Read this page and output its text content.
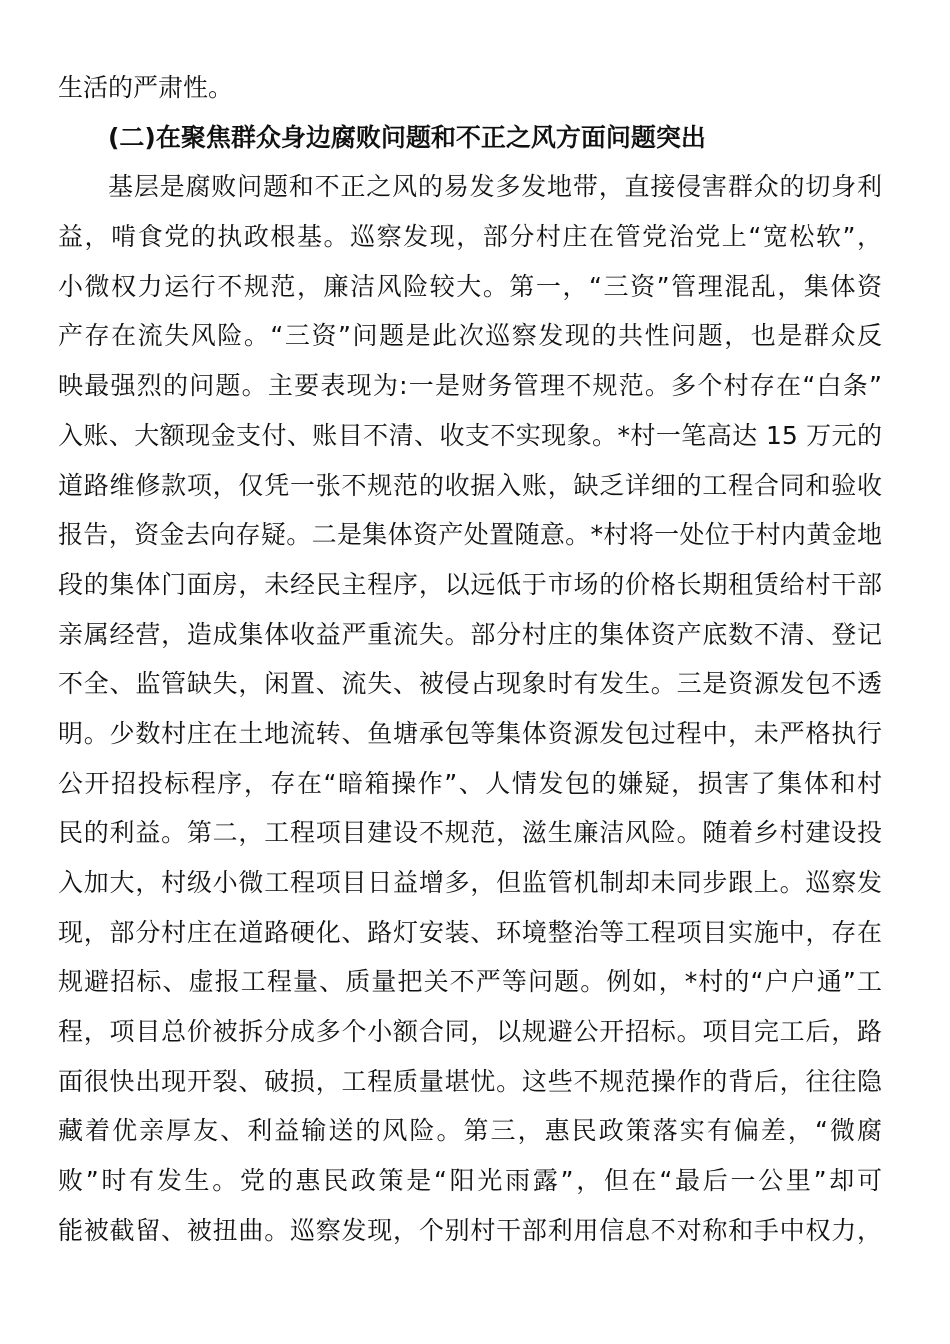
生活的严肃性。
(二)在聚焦群众身边腐败问题和不正之风方面问题突出
基层是腐败问题和不正之风的易发多发地带，直接侵害群众的切身利
益，啃食党的执政根基。巡察发现，部分村庄在管党治党上“宽松软”，
小微权力运行不规范，廉洁风险较大。第一，“三资”管理混乱，集体资
产存在流失风险。“三资”问题是此次巡察发现的共性问题，也是群众反
映最强烈的问题。主要表现为:一是财务管理不规范。多个村存在“白条”
入账、大额现金支付、账目不清、收支不实现象。*村一笔高达 15 万元的
道路维修款项，仅凭一张不规范的收据入账，缺乏详细的工程合同和验收
报告，资金去向存疑。二是集体资产处置随意。*村将一处位于村内黄金地
段的集体门面房，未经民主程序，以远低于市场的价格长期租赁给村干部
亲属经营，造成集体收益严重流失。部分村庄的集体资产底数不清、登记
不全、监管缺失，闲置、流失、被侵占现象时有发生。三是资源发包不透
明。少数村庄在土地流转、鱼塘承包等集体资源发包过程中，未严格执行
公开招投标程序，存在“暗箱操作”、人情发包的嫌疑，损害了集体和村
民的利益。第二，工程项目建设不规范，滋生廉洁风险。随着乡村建设投
入加大，村级小微工程项目日益增多，但监管机制却未同步跟上。巡察发
现，部分村庄在道路硬化、路灯安装、环境整治等工程项目实施中，存在
规避招标、虚报工程量、质量把关不严等问题。例如，*村的“户户通”工
程，项目总价被拆分成多个小额合同，以规避公开招标。项目完工后，路
面很快出现开裂、破损，工程质量堪忧。这些不规范操作的背后，往往隐
藏着优亲厚友、利益输送的风险。第三，惠民政策落实有偏差，“微腐
败”时有发生。党的惠民政策是“阳光雨露”，但在“最后一公里”却可
能被截留、被扭曲。巡察发现，个别村干部利用信息不对称和手中权力，
